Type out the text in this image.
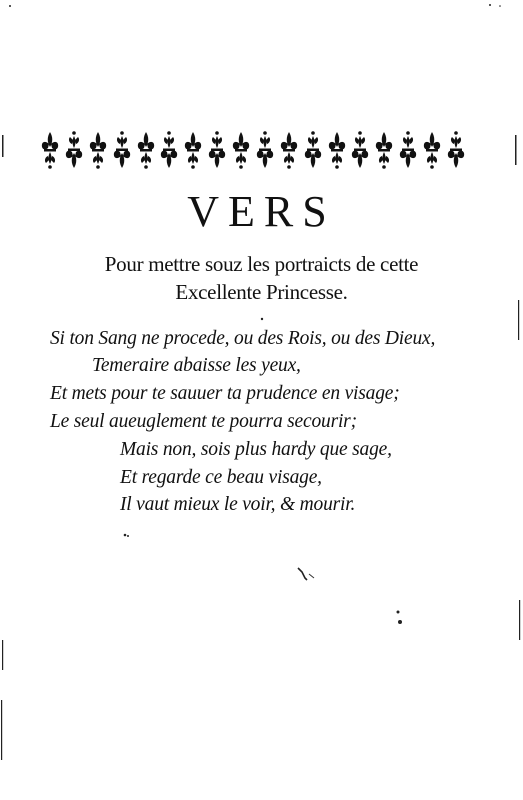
VERS
Pour mettre souz les portraicts de cette
Excellente Princesse.
Si ton Sang ne procede, ou des Rois, ou des Dieux,
Temeraire abaisse les yeux,
Et mets pour te sauuer ta prudence en visage;
Le seul aueuglement te pourra secourir;
Mais non, sois plus hardy que sage,
Et regarde ce beau visage,
Il vaut mieux le voir, & mourir.
